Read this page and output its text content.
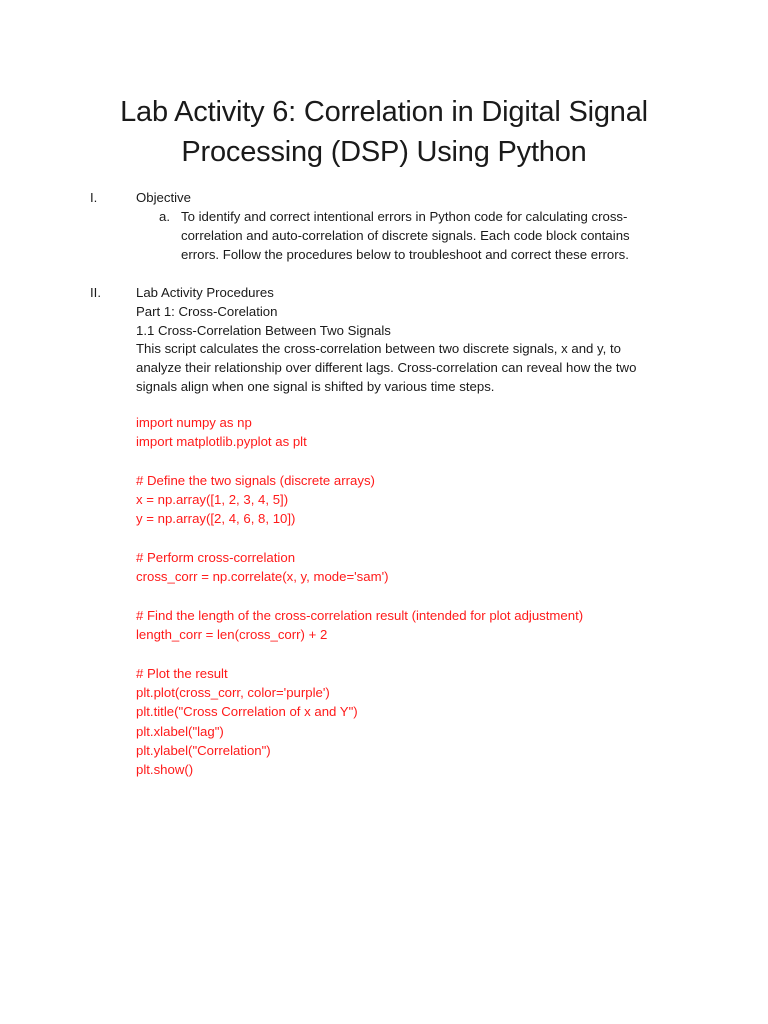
Lab Activity 6: Correlation in Digital Signal
Processing (DSP) Using Python
I.	Objective
a. To identify and correct intentional errors in Python code for calculating cross-
correlation and auto-correlation of discrete signals. Each code block contains
errors. Follow the procedures below to troubleshoot and correct these errors.
II.	Lab Activity Procedures
Part 1: Cross-Corelation
1.1 Cross-Correlation Between Two Signals
This script calculates the cross-correlation between two discrete signals, x and y, to
analyze their relationship over different lags. Cross-correlation can reveal how the two
signals align when one signal is shifted by various time steps.
import numpy as np
import matplotlib.pyplot as plt
# Define the two signals (discrete arrays)
x = np.array([1, 2, 3, 4, 5])
y = np.array([2, 4, 6, 8, 10])
# Perform cross-correlation
cross_corr = np.correlate(x, y, mode='sam')
# Find the length of the cross-correlation result (intended for plot adjustment)
length_corr = len(cross_corr) + 2
# Plot the result
plt.plot(cross_corr, color='purple')
plt.title("Cross Correlation of x and Y")
plt.xlabel("lag")
plt.ylabel("Correlation")
plt.show()
